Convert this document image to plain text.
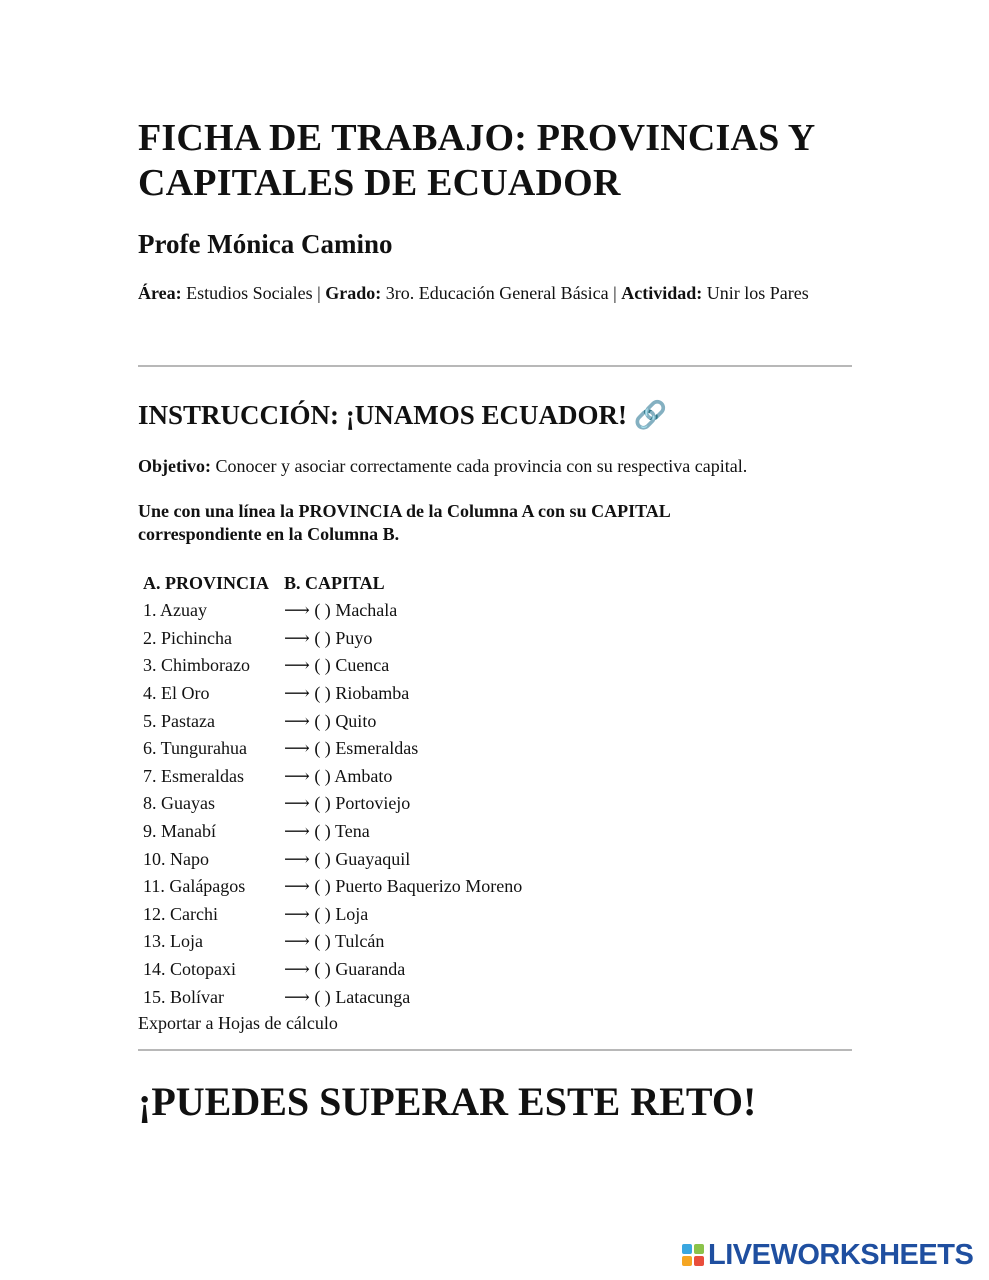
FICHA DE TRABAJO: PROVINCIAS Y CAPITALES DE ECUADOR
Profe Mónica Camino

Área: Estudios Sociales | Grado: 3ro. Educación General Básica | Actividad: Unir los Pares

INSTRUCCIÓN: ¡UNAMOS ECUADOR! 🔗

Objetivo: Conocer y asociar correctamente cada provincia con su respectiva capital.

Une con una línea la PROVINCIA de la Columna A con su CAPITAL correspondiente en la Columna B.

A. PROVINCIA	B. CAPITAL
1. Azuay	⟶ ( ) Machala
2. Pichincha	⟶ ( ) Puyo
3. Chimborazo	⟶ ( ) Cuenca
4. El Oro	⟶ ( ) Riobamba
5. Pastaza	⟶ ( ) Quito
6. Tungurahua	⟶ ( ) Esmeraldas
7. Esmeraldas	⟶ ( ) Ambato
8. Guayas	⟶ ( ) Portoviejo
9. Manabí	⟶ ( ) Tena
10. Napo	⟶ ( ) Guayaquil
11. Galápagos	⟶ ( ) Puerto Baquerizo Moreno
12. Carchi	⟶ ( ) Loja
13. Loja	⟶ ( ) Tulcán
14. Cotopaxi	⟶ ( ) Guaranda
15. Bolívar	⟶ ( ) Latacunga

Exportar a Hojas de cálculo

¡PUEDES SUPERAR ESTE RETO!
LIVEWORKSHEETS
